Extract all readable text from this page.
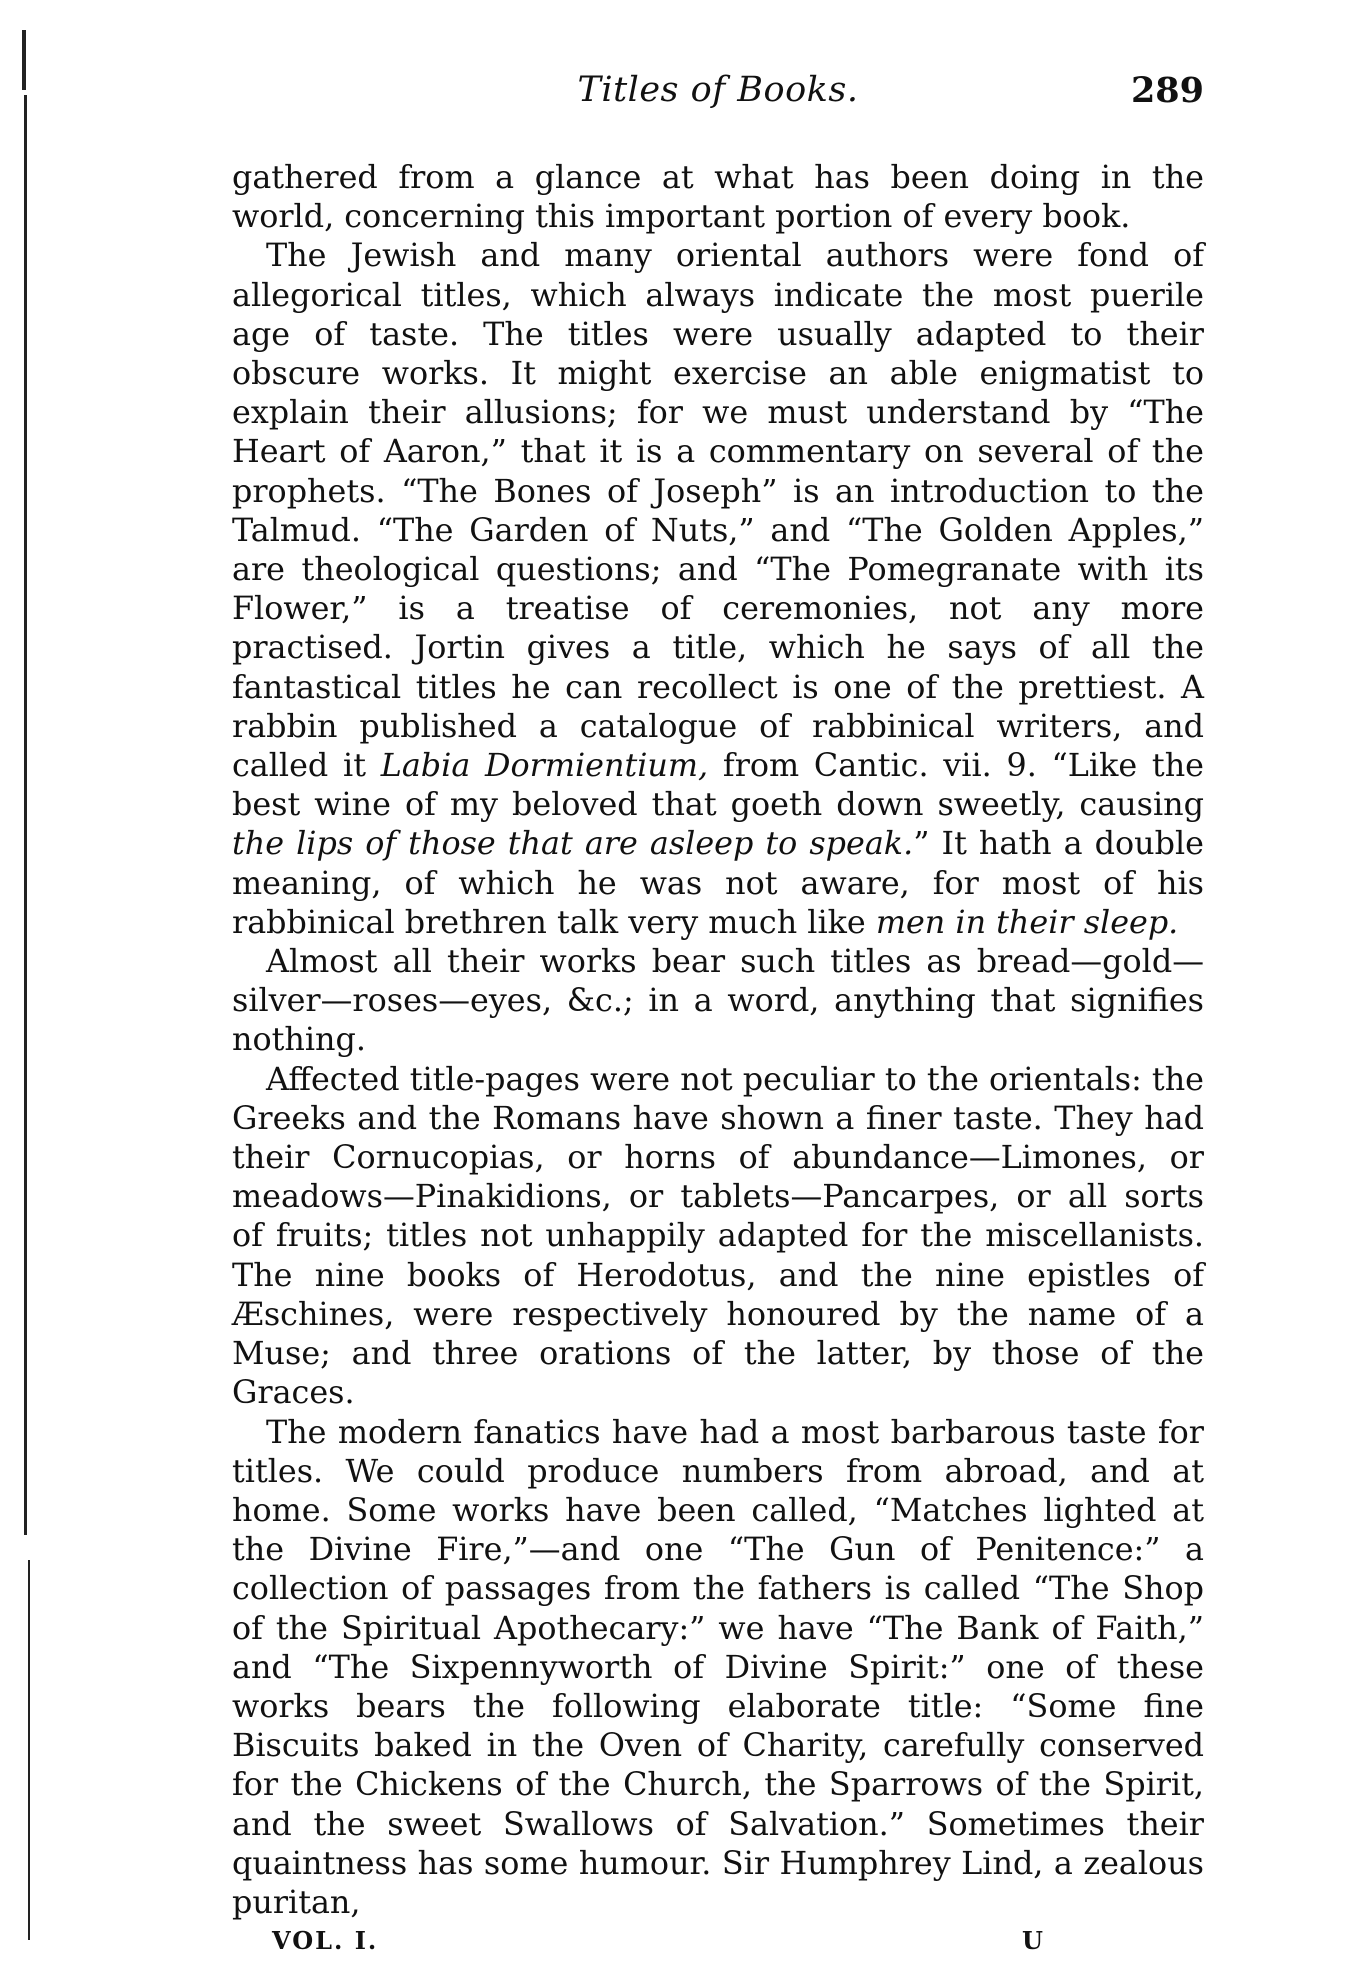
Titles of Books.	289

gathered from a glance at what has been doing in the world, concerning this important portion of every book.

The Jewish and many oriental authors were fond of allegorical titles, which always indicate the most puerile age of taste. The titles were usually adapted to their obscure works. It might exercise an able enigmatist to explain their allusions; for we must understand by “The Heart of Aaron,” that it is a commentary on several of the prophets. “The Bones of Joseph” is an introduction to the Talmud. “The Garden of Nuts,” and “The Golden Apples,” are theological questions; and “The Pomegranate with its Flower,” is a treatise of ceremonies, not any more practised. Jortin gives a title, which he says of all the fantastical titles he can recollect is one of the prettiest. A rabbin published a catalogue of rabbinical writers, and called it Labia Dormientium, from Cantic. vii. 9. “Like the best wine of my beloved that goeth down sweetly, causing the lips of those that are asleep to speak.” It hath a double meaning, of which he was not aware, for most of his rabbinical brethren talk very much like men in their sleep.

Almost all their works bear such titles as bread—gold—silver—roses—eyes, &c.; in a word, anything that signifies nothing.

Affected title-pages were not peculiar to the orientals: the Greeks and the Romans have shown a finer taste. They had their Cornucopias, or horns of abundance—Limones, or meadows—Pinakidions, or tablets—Pancarpes, or all sorts of fruits; titles not unhappily adapted for the miscellanists. The nine books of Herodotus, and the nine epistles of Æschines, were respectively honoured by the name of a Muse; and three orations of the latter, by those of the Graces.

The modern fanatics have had a most barbarous taste for titles. We could produce numbers from abroad, and at home. Some works have been called, “Matches lighted at the Divine Fire,”—and one “The Gun of Penitence:” a collection of passages from the fathers is called “The Shop of the Spiritual Apothecary:” we have “The Bank of Faith,” and “The Sixpennyworth of Divine Spirit:” one of these works bears the following elaborate title: “Some fine Biscuits baked in the Oven of Charity, carefully conserved for the Chickens of the Church, the Sparrows of the Spirit, and the sweet Swallows of Salvation.” Sometimes their quaintness has some humour. Sir Humphrey Lind, a zealous puritan,

VOL. I.	U
